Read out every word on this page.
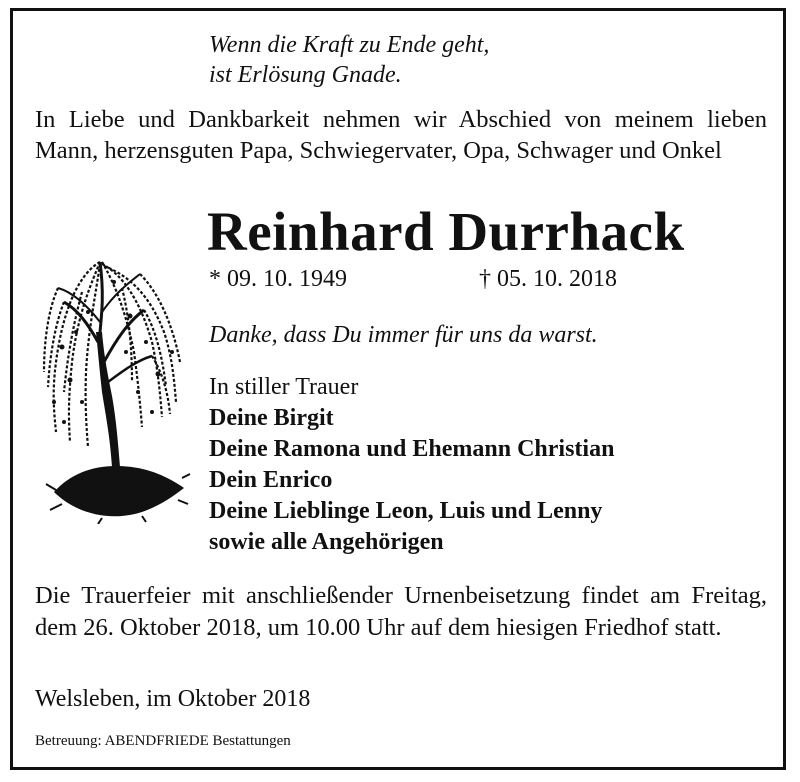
Wenn die Kraft zu Ende geht,
ist Erlösung Gnade.
In Liebe und Dankbarkeit nehmen wir Abschied von meinem lieben Mann, herzensguten Papa, Schwiegervater, Opa, Schwager und Onkel
Reinhard Durrhack
* 09. 10. 1949	† 05. 10. 2018
Danke, dass Du immer für uns da warst.
In stiller Trauer
Deine Birgit
Deine Ramona und Ehemann Christian
Dein Enrico
Deine Lieblinge Leon, Luis und Lenny
sowie alle Angehörigen
Die Trauerfeier mit anschließender Urnenbeisetzung findet am Freitag, dem 26. Oktober 2018, um 10.00 Uhr auf dem hiesigen Friedhof statt.
Welsleben, im Oktober 2018
Betreuung: ABENDFRIEDE Bestattungen
